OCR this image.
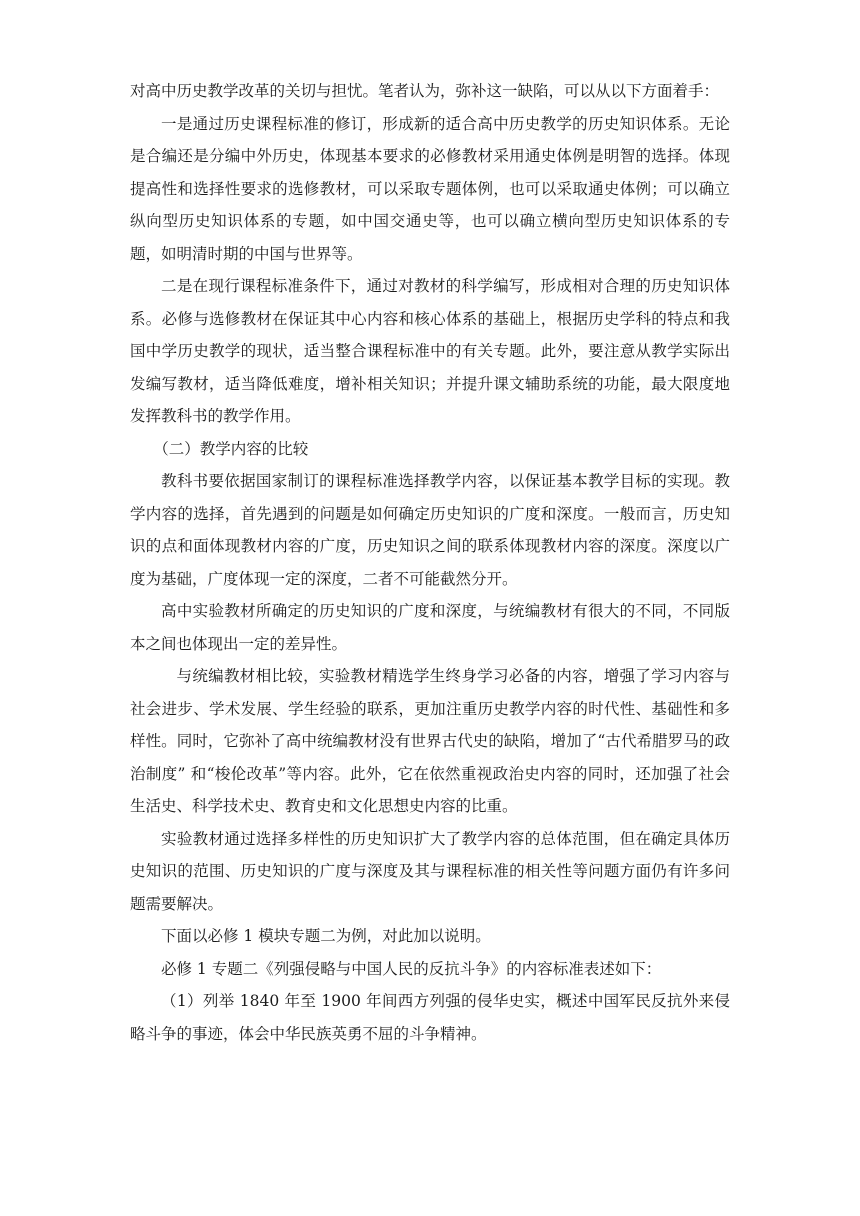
对高中历史教学改革的关切与担忧。笔者认为，弥补这一缺陷，可以从以下方面着手：

一是通过历史课程标准的修订，形成新的适合高中历史教学的历史知识体系。无论是合编还是分编中外历史，体现基本要求的必修教材采用通史体例是明智的选择。体现提高性和选择性要求的选修教材，可以采取专题体例，也可以采取通史体例；可以确立纵向型历史知识体系的专题，如中国交通史等，也可以确立横向型历史知识体系的专题，如明清时期的中国与世界等。

二是在现行课程标准条件下，通过对教材的科学编写，形成相对合理的历史知识体系。必修与选修教材在保证其中心内容和核心体系的基础上，根据历史学科的特点和我国中学历史教学的现状，适当整合课程标准中的有关专题。此外，要注意从教学实际出发编写教材，适当降低难度，增补相关知识；并提升课文辅助系统的功能，最大限度地发挥教科书的教学作用。

（二）教学内容的比较

教科书要依据国家制订的课程标准选择教学内容，以保证基本教学目标的实现。教学内容的选择，首先遇到的问题是如何确定历史知识的广度和深度。一般而言，历史知识的点和面体现教材内容的广度，历史知识之间的联系体现教材内容的深度。深度以广度为基础，广度体现一定的深度，二者不可能截然分开。

高中实验教材所确定的历史知识的广度和深度，与统编教材有很大的不同，不同版本之间也体现出一定的差异性。

与统编教材相比较，实验教材精选学生终身学习必备的内容，增强了学习内容与社会进步、学术发展、学生经验的联系，更加注重历史教学内容的时代性、基础性和多样性。同时，它弥补了高中统编教材没有世界古代史的缺陷，增加了“古代希腊罗马的政治制度” 和“梭伦改革”等内容。此外，它在依然重视政治史内容的同时，还加强了社会生活史、科学技术史、教育史和文化思想史内容的比重。

实验教材通过选择多样性的历史知识扩大了教学内容的总体范围，但在确定具体历史知识的范围、历史知识的广度与深度及其与课程标准的相关性等问题方面仍有许多问题需要解决。

下面以必修 1 模块专题二为例，对此加以说明。

必修 1 专题二《列强侵略与中国人民的反抗斗争》的内容标准表述如下：

（1）列举 1840 年至 1900 年间西方列强的侵华史实，概述中国军民反抗外来侵略斗争的事迹，体会中华民族英勇不屈的斗争精神。
